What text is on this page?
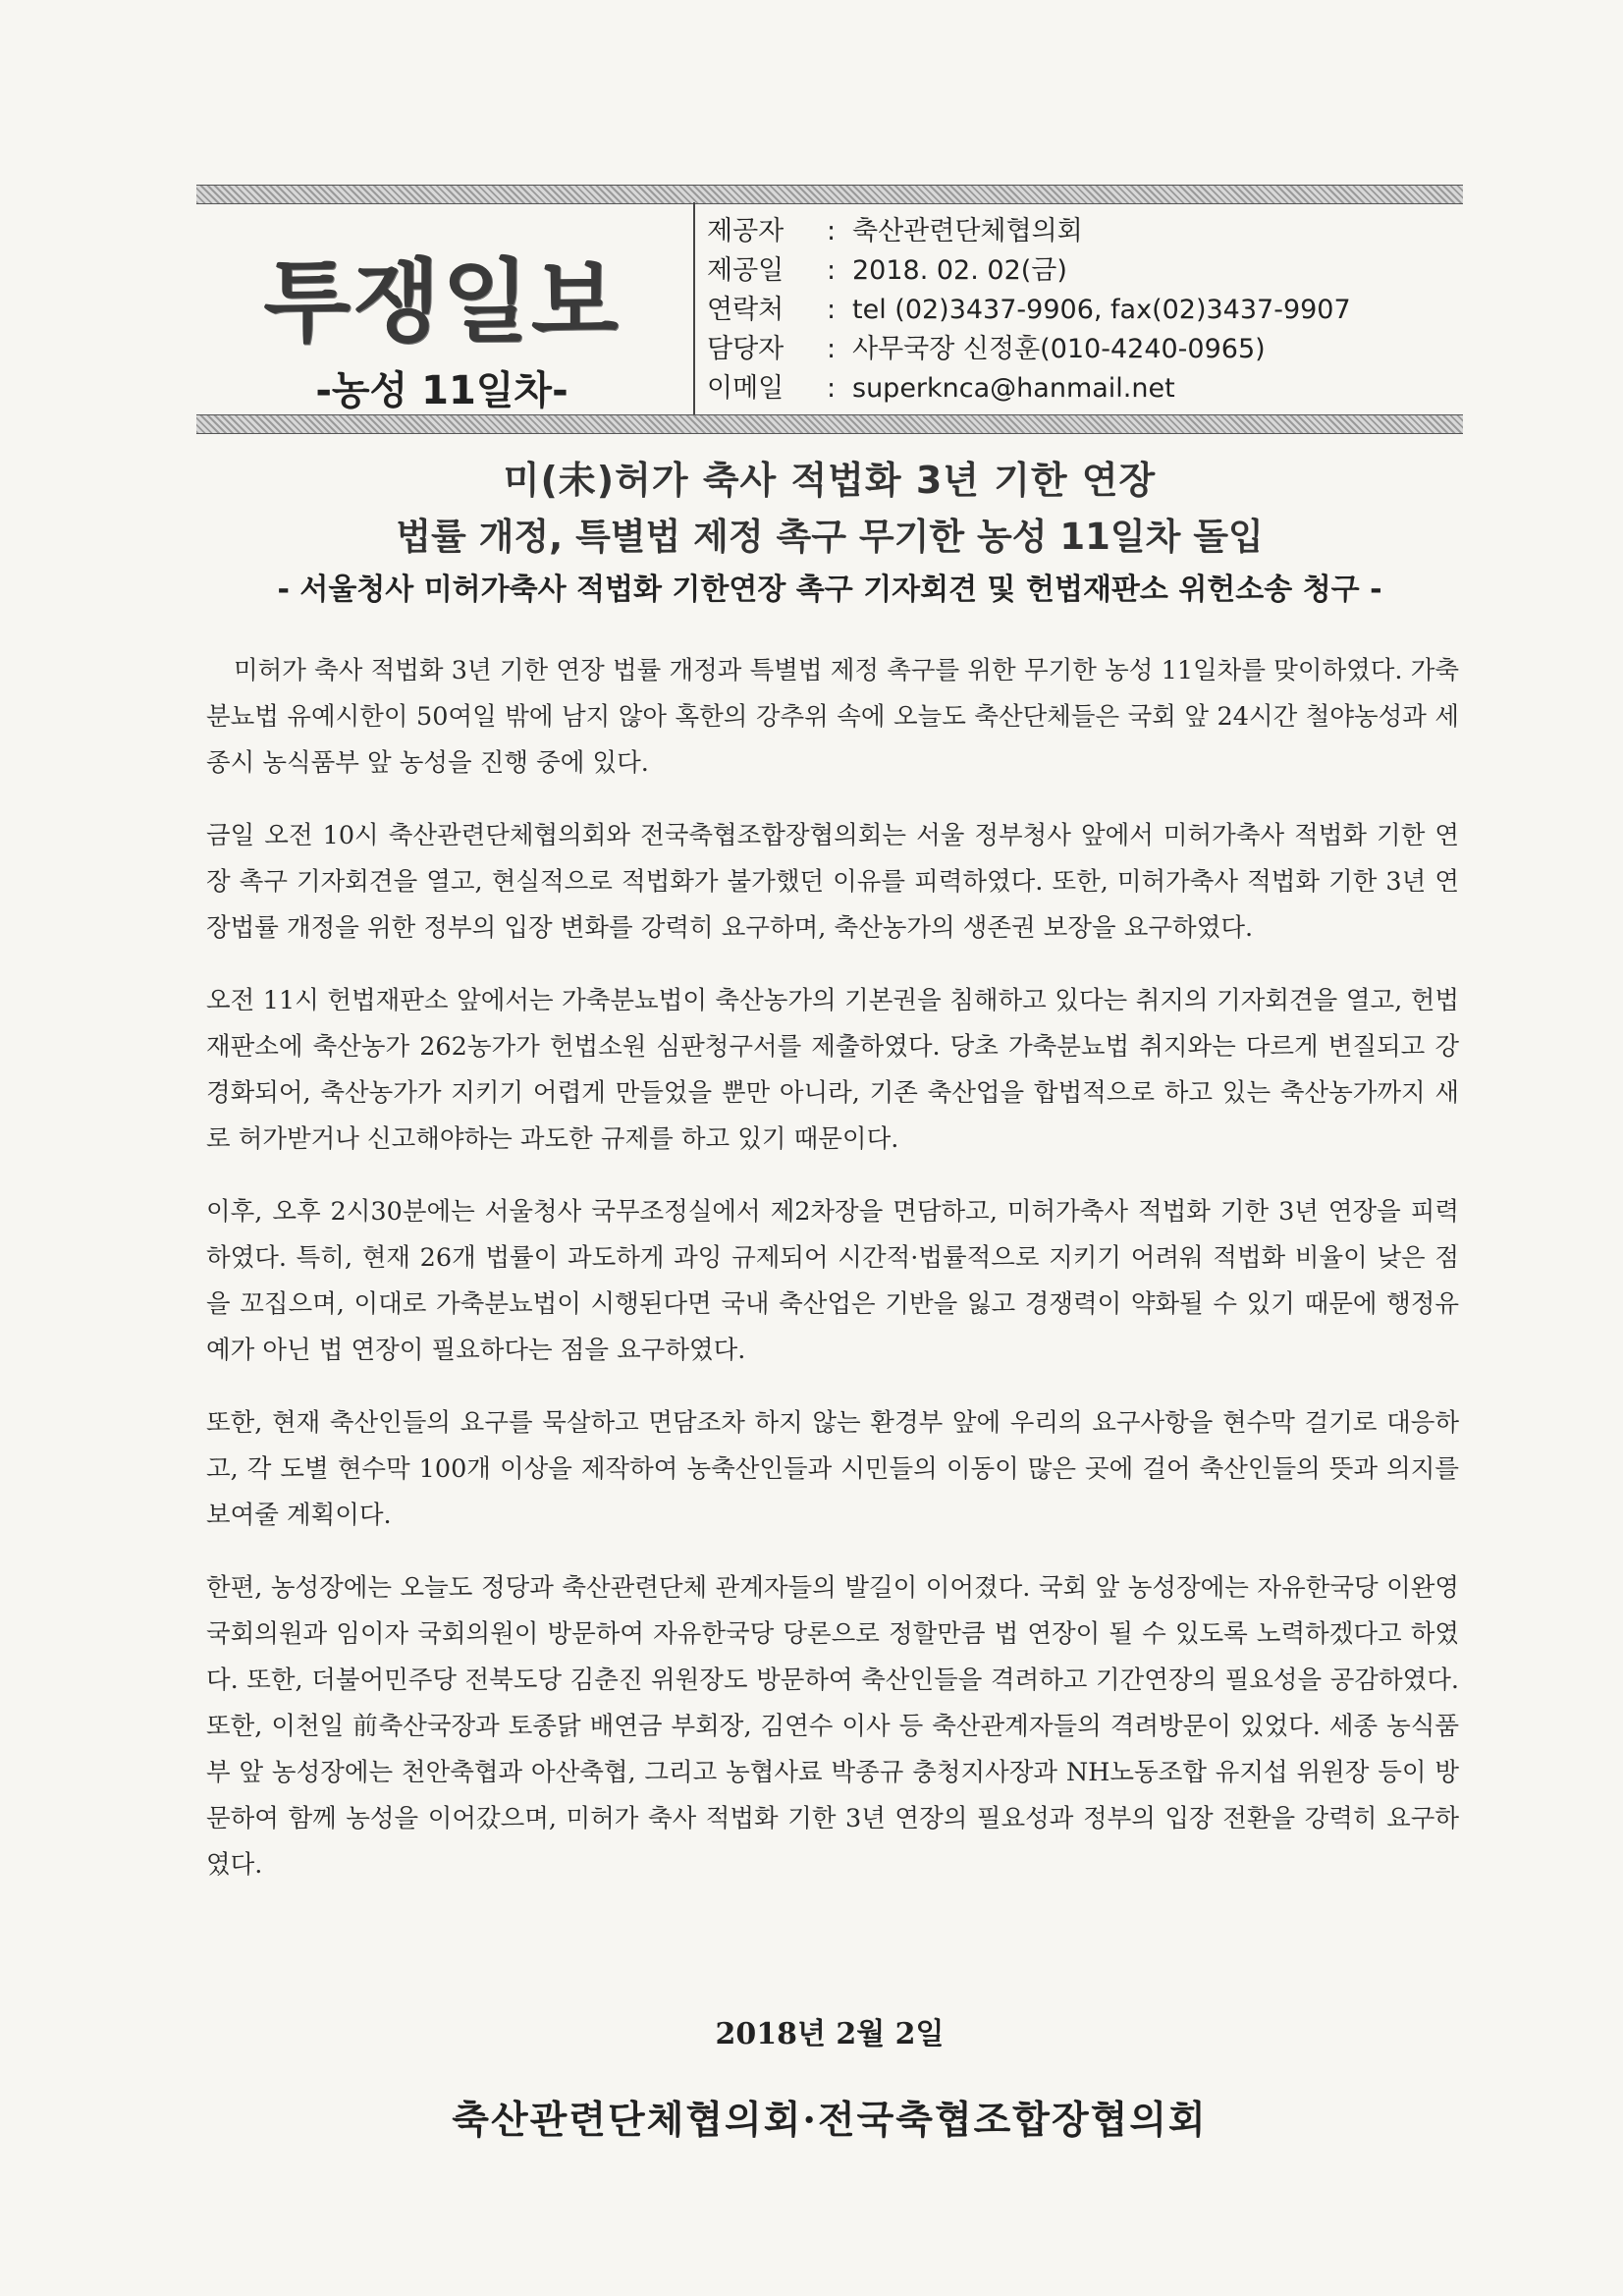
투쟁일보
-농성 11일차-
제공자 : 축산관련단체협의회
제공일 : 2018. 02. 02(금)
연락처 : tel (02)3437-9906, fax(02)3437-9907
담당자 : 사무국장 신정훈(010-4240-0965)
이메일 : superknca@hanmail.net
미(未)허가 축사 적법화 3년 기한 연장
법률 개정, 특별법 제정 촉구 무기한 농성 11일차 돌입
- 서울청사 미허가축사 적법화 기한연장 촉구 기자회견 및 헌법재판소 위헌소송 청구 -

미허가 축사 적법화 3년 기한 연장 법률 개정과 특별법 제정 촉구를 위한 무기한 농성 11일차를 맞이하였다. 가축분뇨법 유예시한이 50여일 밖에 남지 않아 혹한의 강추위 속에 오늘도 축산단체들은 국회 앞 24시간 철야농성과 세종시 농식품부 앞 농성을 진행 중에 있다.

금일 오전 10시 축산관련단체협의회와 전국축협조합장협의회는 서울 정부청사 앞에서 미허가축사 적법화 기한 연장 촉구 기자회견을 열고, 현실적으로 적법화가 불가했던 이유를 피력하였다. 또한, 미허가축사 적법화 기한 3년 연장법률 개정을 위한 정부의 입장 변화를 강력히 요구하며, 축산농가의 생존권 보장을 요구하였다.

오전 11시 헌법재판소 앞에서는 가축분뇨법이 축산농가의 기본권을 침해하고 있다는 취지의 기자회견을 열고, 헌법재판소에 축산농가 262농가가 헌법소원 심판청구서를 제출하였다. 당초 가축분뇨법 취지와는 다르게 변질되고 강경화되어, 축산농가가 지키기 어렵게 만들었을 뿐만 아니라, 기존 축산업을 합법적으로 하고 있는 축산농가까지 새로 허가받거나 신고해야하는 과도한 규제를 하고 있기 때문이다.

이후, 오후 2시30분에는 서울청사 국무조정실에서 제2차장을 면담하고, 미허가축사 적법화 기한 3년 연장을 피력하였다. 특히, 현재 26개 법률이 과도하게 과잉 규제되어 시간적·법률적으로 지키기 어려워 적법화 비율이 낮은 점을 꼬집으며, 이대로 가축분뇨법이 시행된다면 국내 축산업은 기반을 잃고 경쟁력이 약화될 수 있기 때문에 행정유예가 아닌 법 연장이 필요하다는 점을 요구하였다.

또한, 현재 축산인들의 요구를 묵살하고 면담조차 하지 않는 환경부 앞에 우리의 요구사항을 현수막 걸기로 대응하고, 각 도별 현수막 100개 이상을 제작하여 농축산인들과 시민들의 이동이 많은 곳에 걸어 축산인들의 뜻과 의지를 보여줄 계획이다.

한편, 농성장에는 오늘도 정당과 축산관련단체 관계자들의 발길이 이어졌다. 국회 앞 농성장에는 자유한국당 이완영 국회의원과 임이자 국회의원이 방문하여 자유한국당 당론으로 정할만큼 법 연장이 될 수 있도록 노력하겠다고 하였다. 또한, 더불어민주당 전북도당 김춘진 위원장도 방문하여 축산인들을 격려하고 기간연장의 필요성을 공감하였다. 또한, 이천일 前축산국장과 토종닭 배연금 부회장, 김연수 이사 등 축산관계자들의 격려방문이 있었다. 세종 농식품부 앞 농성장에는 천안축협과 아산축협, 그리고 농협사료 박종규 충청지사장과 NH노동조합 유지섭 위원장 등이 방문하여 함께 농성을 이어갔으며, 미허가 축사 적법화 기한 3년 연장의 필요성과 정부의 입장 전환을 강력히 요구하였다.

2018년 2월 2일
축산관련단체협의회·전국축협조합장협의회
